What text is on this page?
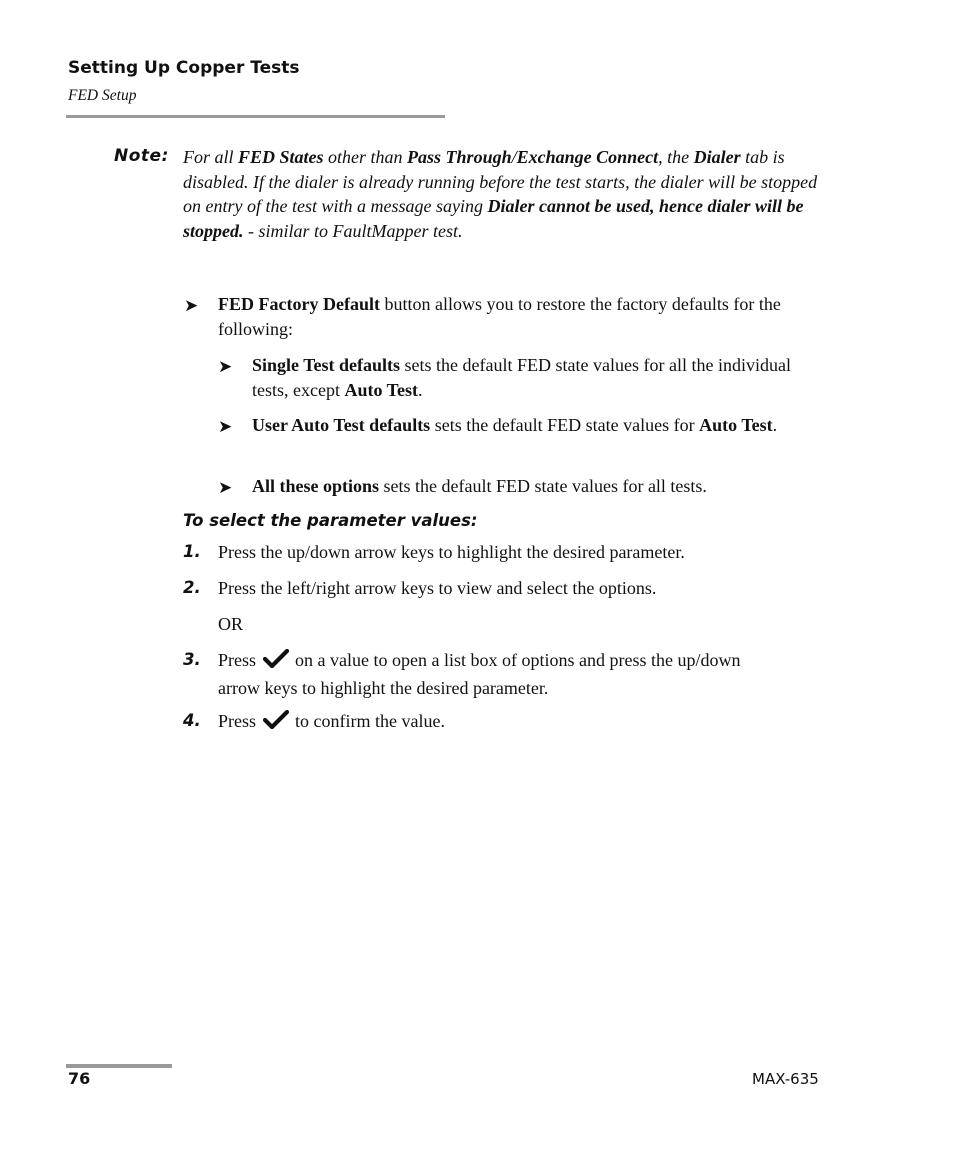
Setting Up Copper Tests
FED Setup
Note: For all FED States other than Pass Through/Exchange Connect, the Dialer tab is disabled. If the dialer is already running before the test starts, the dialer will be stopped on entry of the test with a message saying Dialer cannot be used, hence dialer will be stopped. - similar to FaultMapper test.
➤ FED Factory Default button allows you to restore the factory defaults for the following:
➤ Single Test defaults sets the default FED state values for all the individual tests, except Auto Test.
➤ User Auto Test defaults sets the default FED state values for Auto Test.
➤ All these options sets the default FED state values for all tests.
To select the parameter values:
1. Press the up/down arrow keys to highlight the desired parameter.
2. Press the left/right arrow keys to view and select the options.
OR
3. Press on a value to open a list box of options and press the up/down arrow keys to highlight the desired parameter.
4. Press to confirm the value.
76	MAX-635
